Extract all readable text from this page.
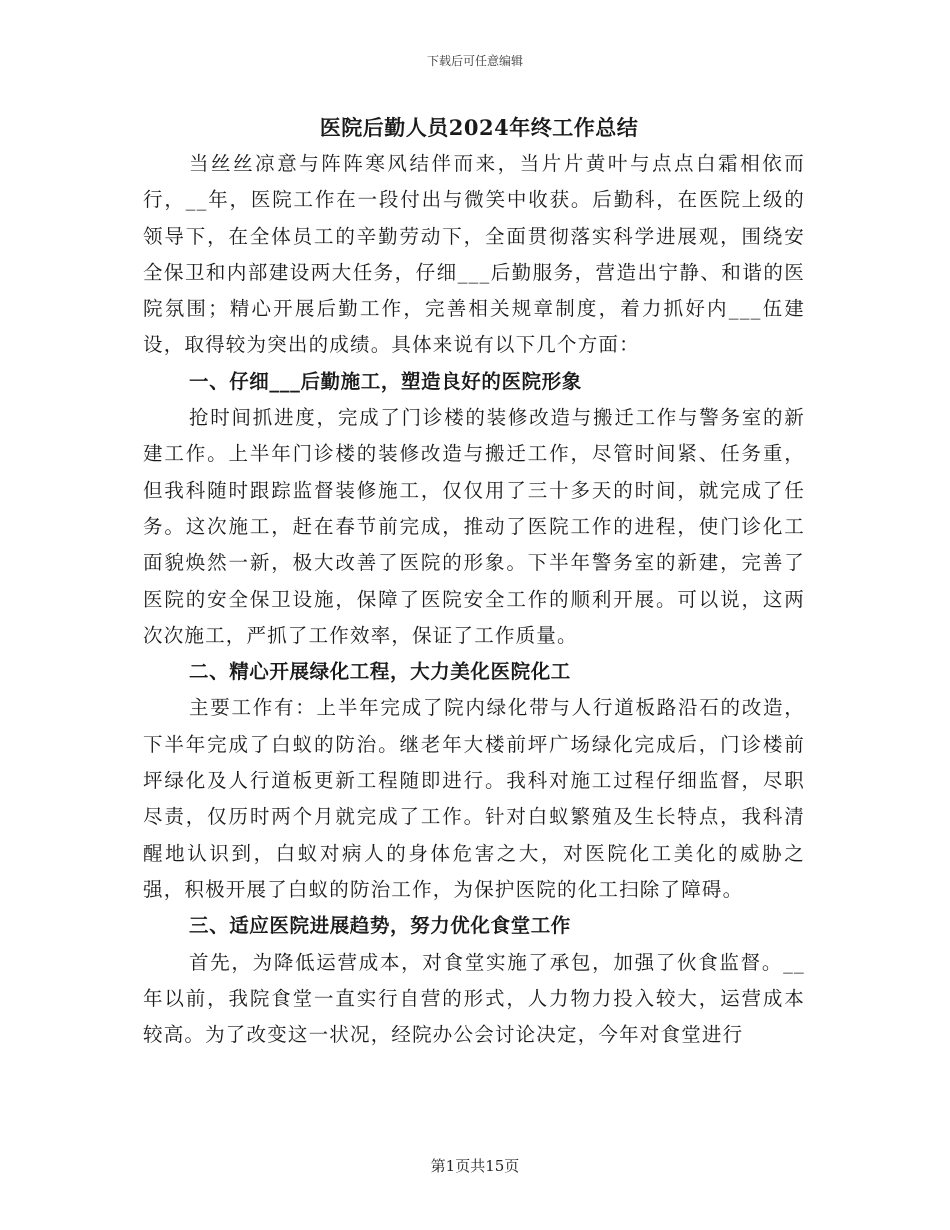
下载后可任意编辑
医院后勤人员2024年终工作总结

当丝丝凉意与阵阵寒风结伴而来，当片片黄叶与点点白霜相依而行，__年，医院工作在一段付出与微笑中收获。后勤科，在医院上级的领导下，在全体员工的辛勤劳动下，全面贯彻落实科学进展观，围绕安全保卫和内部建设两大任务，仔细___后勤服务，营造出宁静、和谐的医院氛围；精心开展后勤工作，完善相关规章制度，着力抓好内___伍建设，取得较为突出的成绩。具体来说有以下几个方面：

一、仔细___后勤施工，塑造良好的医院形象

抢时间抓进度，完成了门诊楼的装修改造与搬迁工作与警务室的新建工作。上半年门诊楼的装修改造与搬迁工作，尽管时间紧、任务重，但我科随时跟踪监督装修施工，仅仅用了三十多天的时间，就完成了任务。这次施工，赶在春节前完成，推动了医院工作的进程，使门诊化工面貌焕然一新，极大改善了医院的形象。下半年警务室的新建，完善了医院的安全保卫设施，保障了医院安全工作的顺利开展。可以说，这两次次施工，严抓了工作效率，保证了工作质量。

二、精心开展绿化工程，大力美化医院化工

主要工作有：上半年完成了院内绿化带与人行道板路沿石的改造，下半年完成了白蚁的防治。继老年大楼前坪广场绿化完成后，门诊楼前坪绿化及人行道板更新工程随即进行。我科对施工过程仔细监督，尽职尽责，仅历时两个月就完成了工作。针对白蚁繁殖及生长特点，我科清醒地认识到，白蚁对病人的身体危害之大，对医院化工美化的威胁之强，积极开展了白蚁的防治工作，为保护医院的化工扫除了障碍。

三、适应医院进展趋势，努力优化食堂工作

首先，为降低运营成本，对食堂实施了承包，加强了伙食监督。__年以前，我院食堂一直实行自营的形式，人力物力投入较大，运营成本较高。为了改变这一状况，经院办公会讨论决定，今年对食堂进行

第1页共15页
